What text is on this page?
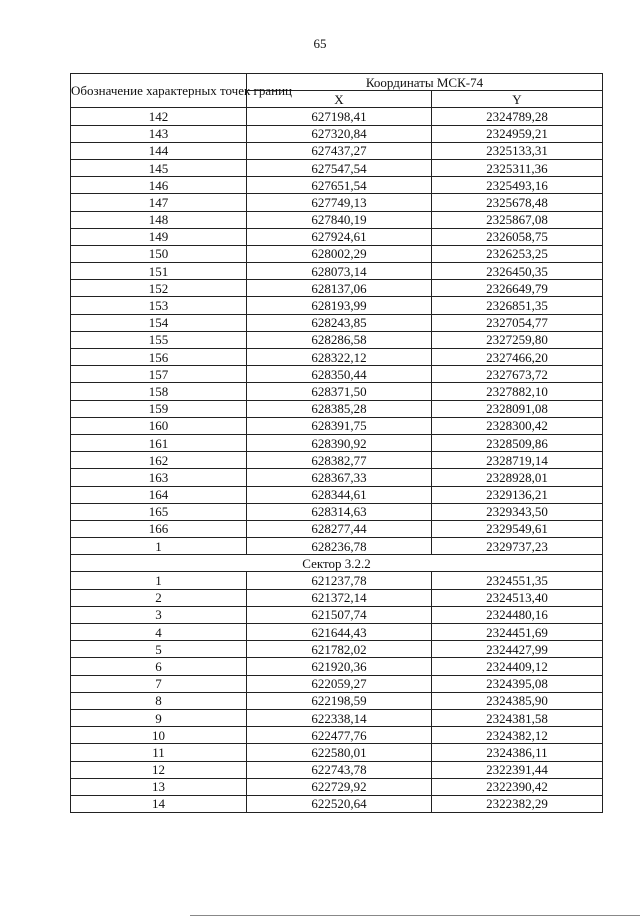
65
Обозначение характерных точек границ	Координаты МСК-74	
	X	Y
142	627198,41	2324789,28
143	627320,84	2324959,21
144	627437,27	2325133,31
145	627547,54	2325311,36
146	627651,54	2325493,16
147	627749,13	2325678,48
148	627840,19	2325867,08
149	627924,61	2326058,75
150	628002,29	2326253,25
151	628073,14	2326450,35
152	628137,06	2326649,79
153	628193,99	2326851,35
154	628243,85	2327054,77
155	628286,58	2327259,80
156	628322,12	2327466,20
157	628350,44	2327673,72
158	628371,50	2327882,10
159	628385,28	2328091,08
160	628391,75	2328300,42
161	628390,92	2328509,86
162	628382,77	2328719,14
163	628367,33	2328928,01
164	628344,61	2329136,21
165	628314,63	2329343,50
166	628277,44	2329549,61
1	628236,78	2329737,23
Сектор 3.2.2		
1	621237,78	2324551,35
2	621372,14	2324513,40
3	621507,74	2324480,16
4	621644,43	2324451,69
5	621782,02	2324427,99
6	621920,36	2324409,12
7	622059,27	2324395,08
8	622198,59	2324385,90
9	622338,14	2324381,58
10	622477,76	2324382,12
11	622580,01	2324386,11
12	622743,78	2322391,44
13	622729,92	2322390,42
14	622520,64	2322382,29
